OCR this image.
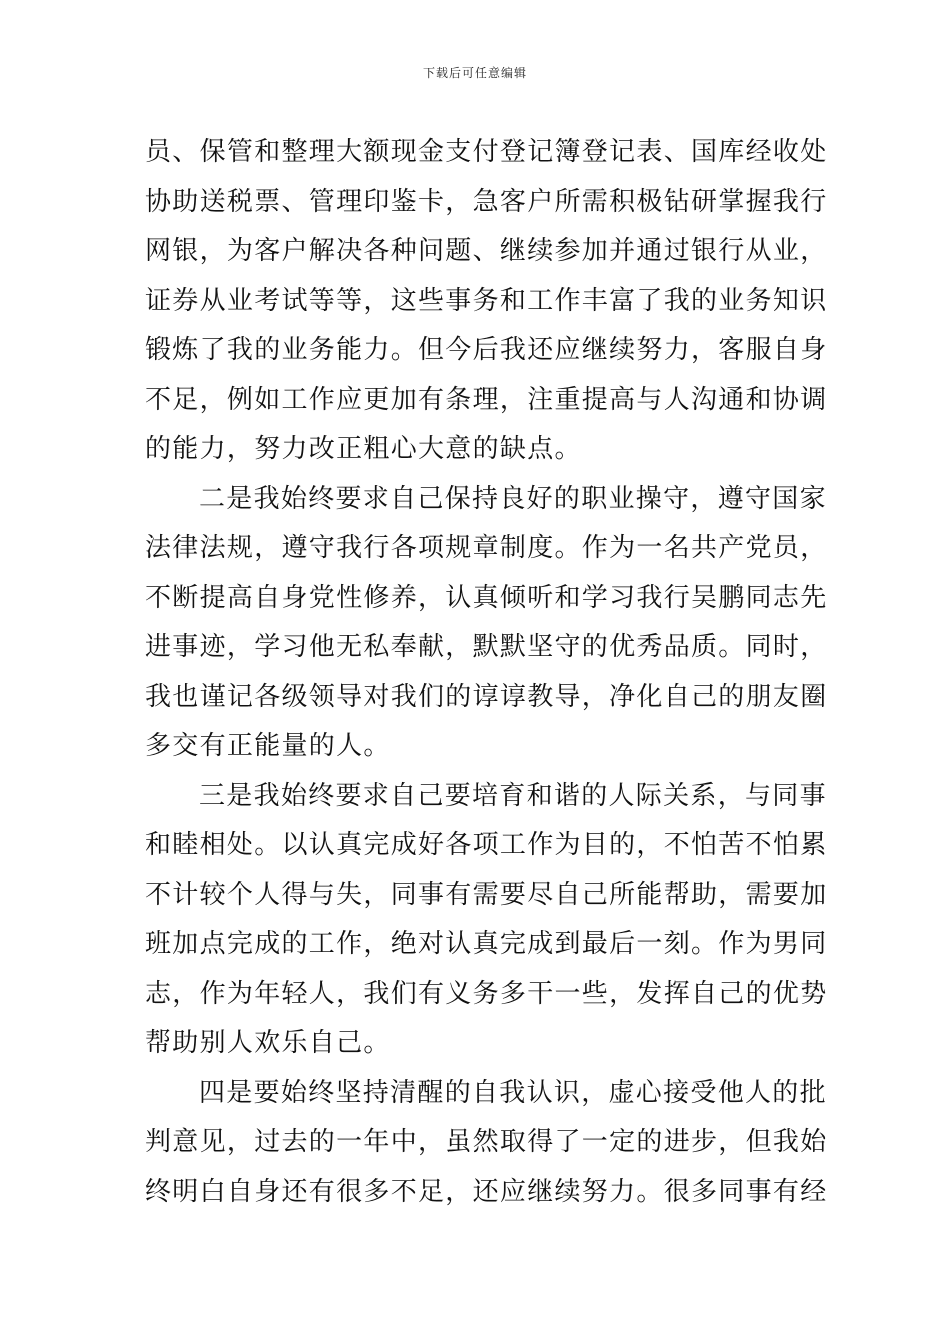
下载后可任意编辑
员、保管和整理大额现金支付登记簿登记表、国库经收处
协助送税票、管理印鉴卡，急客户所需积极钻研掌握我行
网银，为客户解决各种问题、继续参加并通过银行从业，
证券从业考试等等，这些事务和工作丰富了我的业务知识
锻炼了我的业务能力。但今后我还应继续努力，客服自身
不足，例如工作应更加有条理，注重提高与人沟通和协调
的能力，努力改正粗心大意的缺点。
二是我始终要求自己保持良好的职业操守，遵守国家
法律法规，遵守我行各项规章制度。作为一名共产党员，
不断提高自身党性修养，认真倾听和学习我行吴鹏同志先
进事迹，学习他无私奉献，默默坚守的优秀品质。同时，
我也谨记各级领导对我们的谆谆教导，净化自己的朋友圈
多交有正能量的人。
三是我始终要求自己要培育和谐的人际关系，与同事
和睦相处。以认真完成好各项工作为目的，不怕苦不怕累
不计较个人得与失，同事有需要尽自己所能帮助，需要加
班加点完成的工作，绝对认真完成到最后一刻。作为男同
志，作为年轻人，我们有义务多干一些，发挥自己的优势
帮助别人欢乐自己。
四是要始终坚持清醒的自我认识，虚心接受他人的批
判意见，过去的一年中，虽然取得了一定的进步，但我始
终明白自身还有很多不足，还应继续努力。很多同事有经
